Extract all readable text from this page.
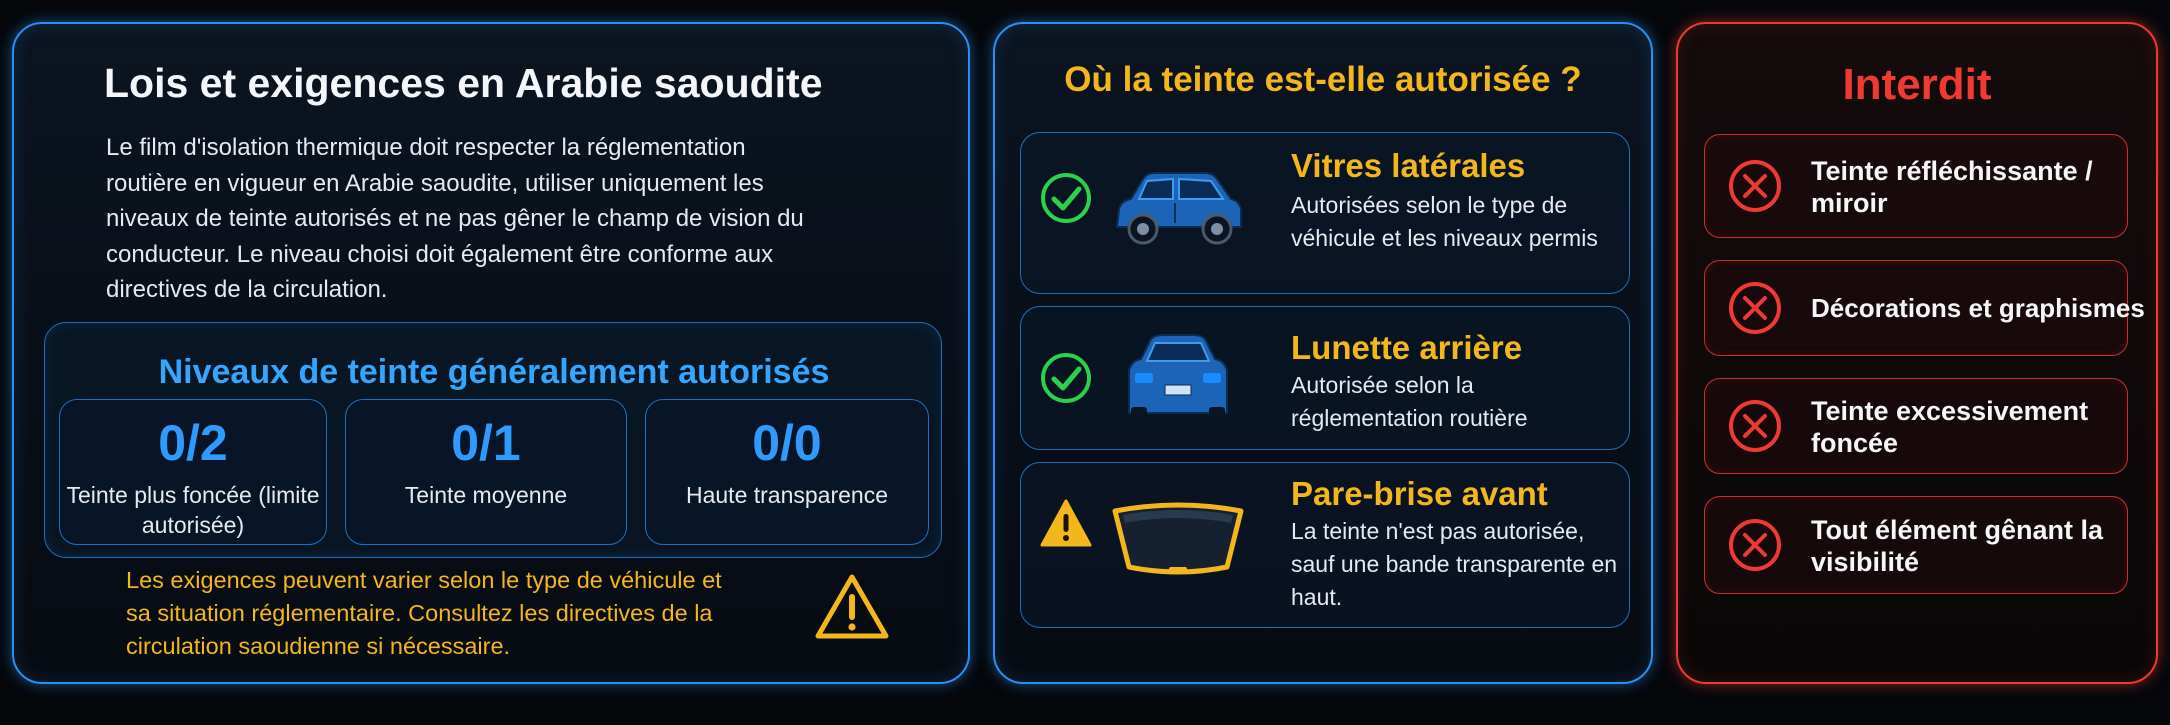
Lois et exigences en Arabie saoudite
Le film d'isolation thermique doit respecter la réglementation routière en vigueur en Arabie saoudite, utiliser uniquement les niveaux de teinte autorisés et ne pas gêner le champ de vision du conducteur. Le niveau choisi doit également être conforme aux directives de la circulation.
Niveaux de teinte généralement autorisés
0/2
Teinte plus foncée (limite autorisée)
0/1
Teinte moyenne
0/0
Haute transparence
Les exigences peuvent varier selon le type de véhicule et sa situation réglementaire. Consultez les directives de la circulation saoudienne si nécessaire.
Où la teinte est-elle autorisée ?
Vitres latérales
Autorisées selon le type de véhicule et les niveaux permis
Lunette arrière
Autorisée selon la réglementation routière
Pare-brise avant
La teinte n'est pas autorisée, sauf une bande transparente en haut.
Interdit
Teinte réfléchissante / miroir
Décorations et graphismes
Teinte excessivement foncée
Tout élément gênant la visibilité
